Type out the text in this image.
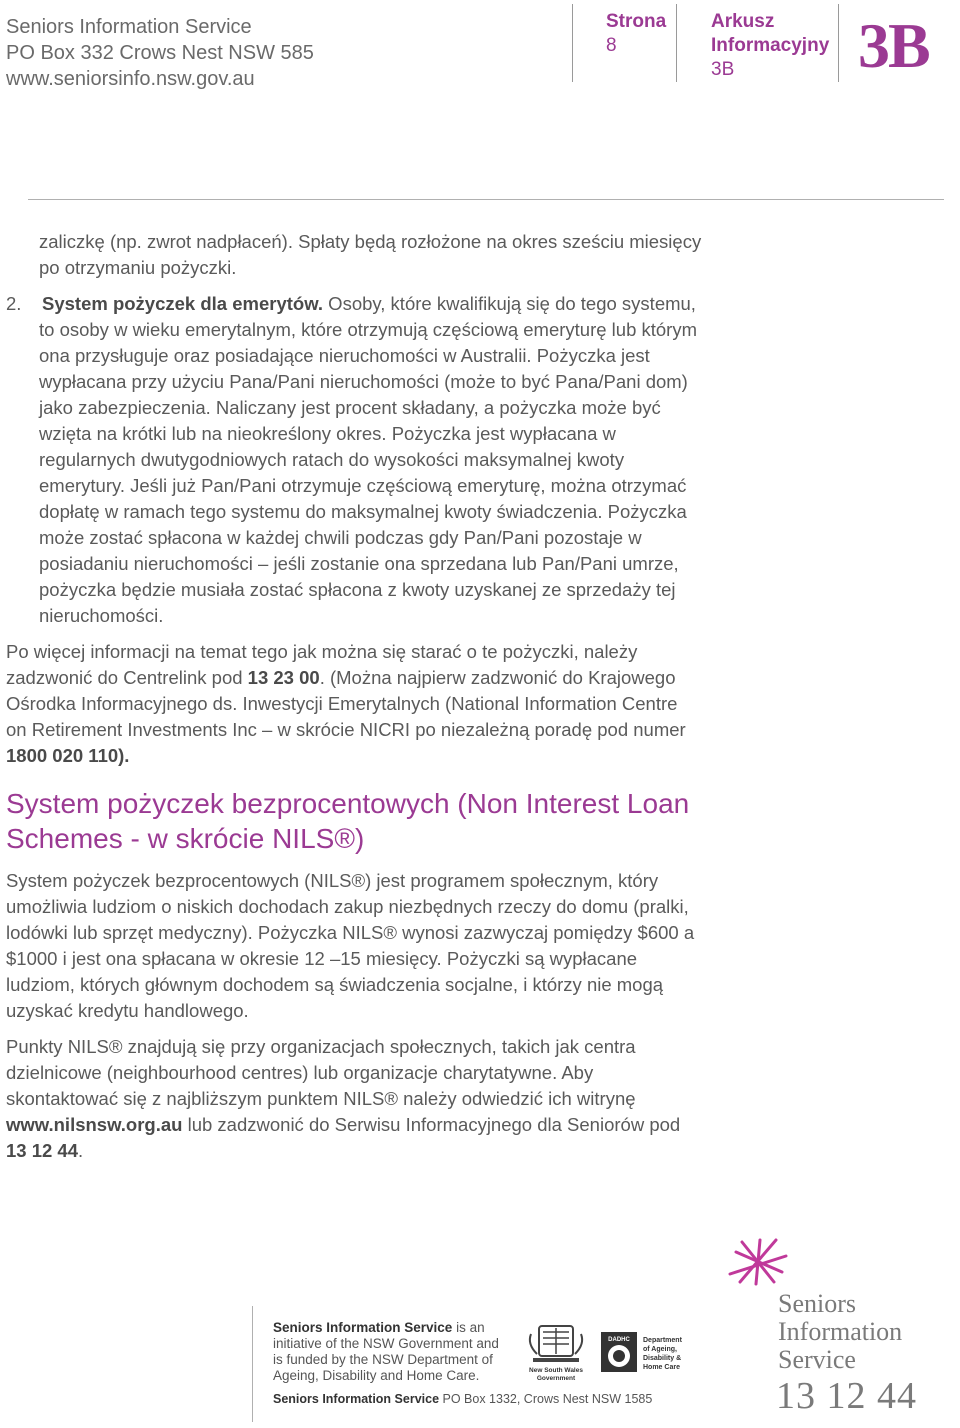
Seniors Information Service
PO Box 332 Crows Nest NSW 585
www.seniorsinfo.nsw.gov.au
Strona
8
Arkusz
Informacyjny
3B	3B
zaliczkę (np. zwrot nadpłaceń). Spłaty będą rozłożone na okres sześciu miesięcy
po otrzymaniu pożyczki.
2. System pożyczek dla emerytów. Osoby, które kwalifikują się do tego systemu,
to osoby w wieku emerytalnym, które otrzymują częściową emeryturę lub którym
ona przysługuje oraz posiadające nieruchomości w Australii. Pożyczka jest
wypłacana przy użyciu Pana/Pani nieruchomości (może to być Pana/Pani dom)
jako zabezpieczenia. Naliczany jest procent składany, a pożyczka może być
wzięta na krótki lub na nieokreślony okres. Pożyczka jest wypłacana w
regularnych dwutygodniowych ratach do wysokości maksymalnej kwoty
emerytury. Jeśli już Pan/Pani otrzymuje częściową emeryturę, można otrzymać
dopłatę w ramach tego systemu do maksymalnej kwoty świadczenia. Pożyczka
może zostać spłacona w każdej chwili podczas gdy Pan/Pani pozostaje w
posiadaniu nieruchomości – jeśli zostanie ona sprzedana lub Pan/Pani umrze,
pożyczka będzie musiała zostać spłacona z kwoty uzyskanej ze sprzedaży tej
nieruchomości.
Po więcej informacji na temat tego jak można się starać o te pożyczki, należy
zadzwonić do Centrelink pod 13 23 00. (Można najpierw zadzwonić do Krajowego
Ośrodka Informacyjnego ds. Inwestycji Emerytalnych (National Information Centre
on Retirement Investments Inc – w skrócie NICRI po niezależną poradę pod numer
1800 020 110).
System pożyczek bezprocentowych (Non Interest Loan
Schemes - w skrócie NILS®)
System pożyczek bezprocentowych (NILS®) jest programem społecznym, który
umożliwia ludziom o niskich dochodach zakup niezbędnych rzeczy do domu (pralki,
lodówki lub sprzęt medyczny). Pożyczka NILS® wynosi zazwyczaj pomiędzy $600 a
$1000 i jest ona spłacana w okresie 12 –15 miesięcy. Pożyczki są wypłacane
ludziom, których głównym dochodem są świadczenia socjalne, i którzy nie mogą
uzyskać kredytu handlowego.
Punkty NILS® znajdują się przy organizacjach społecznych, takich jak centra
dzielnicowe (neighbourhood centres) lub organizacje charytatywne. Aby
skontaktować się z najbliższym punktem NILS® należy odwiedzić ich witrynę
www.nilsnsw.org.au lub zadzwonić do Serwisu Informacyjnego dla Seniorów pod
13 12 44.
Seniors Information Service is an
initiative of the NSW Government and
is funded by the NSW Department of
Ageing, Disability and Home Care.
Seniors Information Service PO Box 1332, Crows Nest NSW 1585
New South Wales
Government
DADHC Department
of Ageing,
Disability &
Home Care
Seniors
Information
Service
13 12 44
